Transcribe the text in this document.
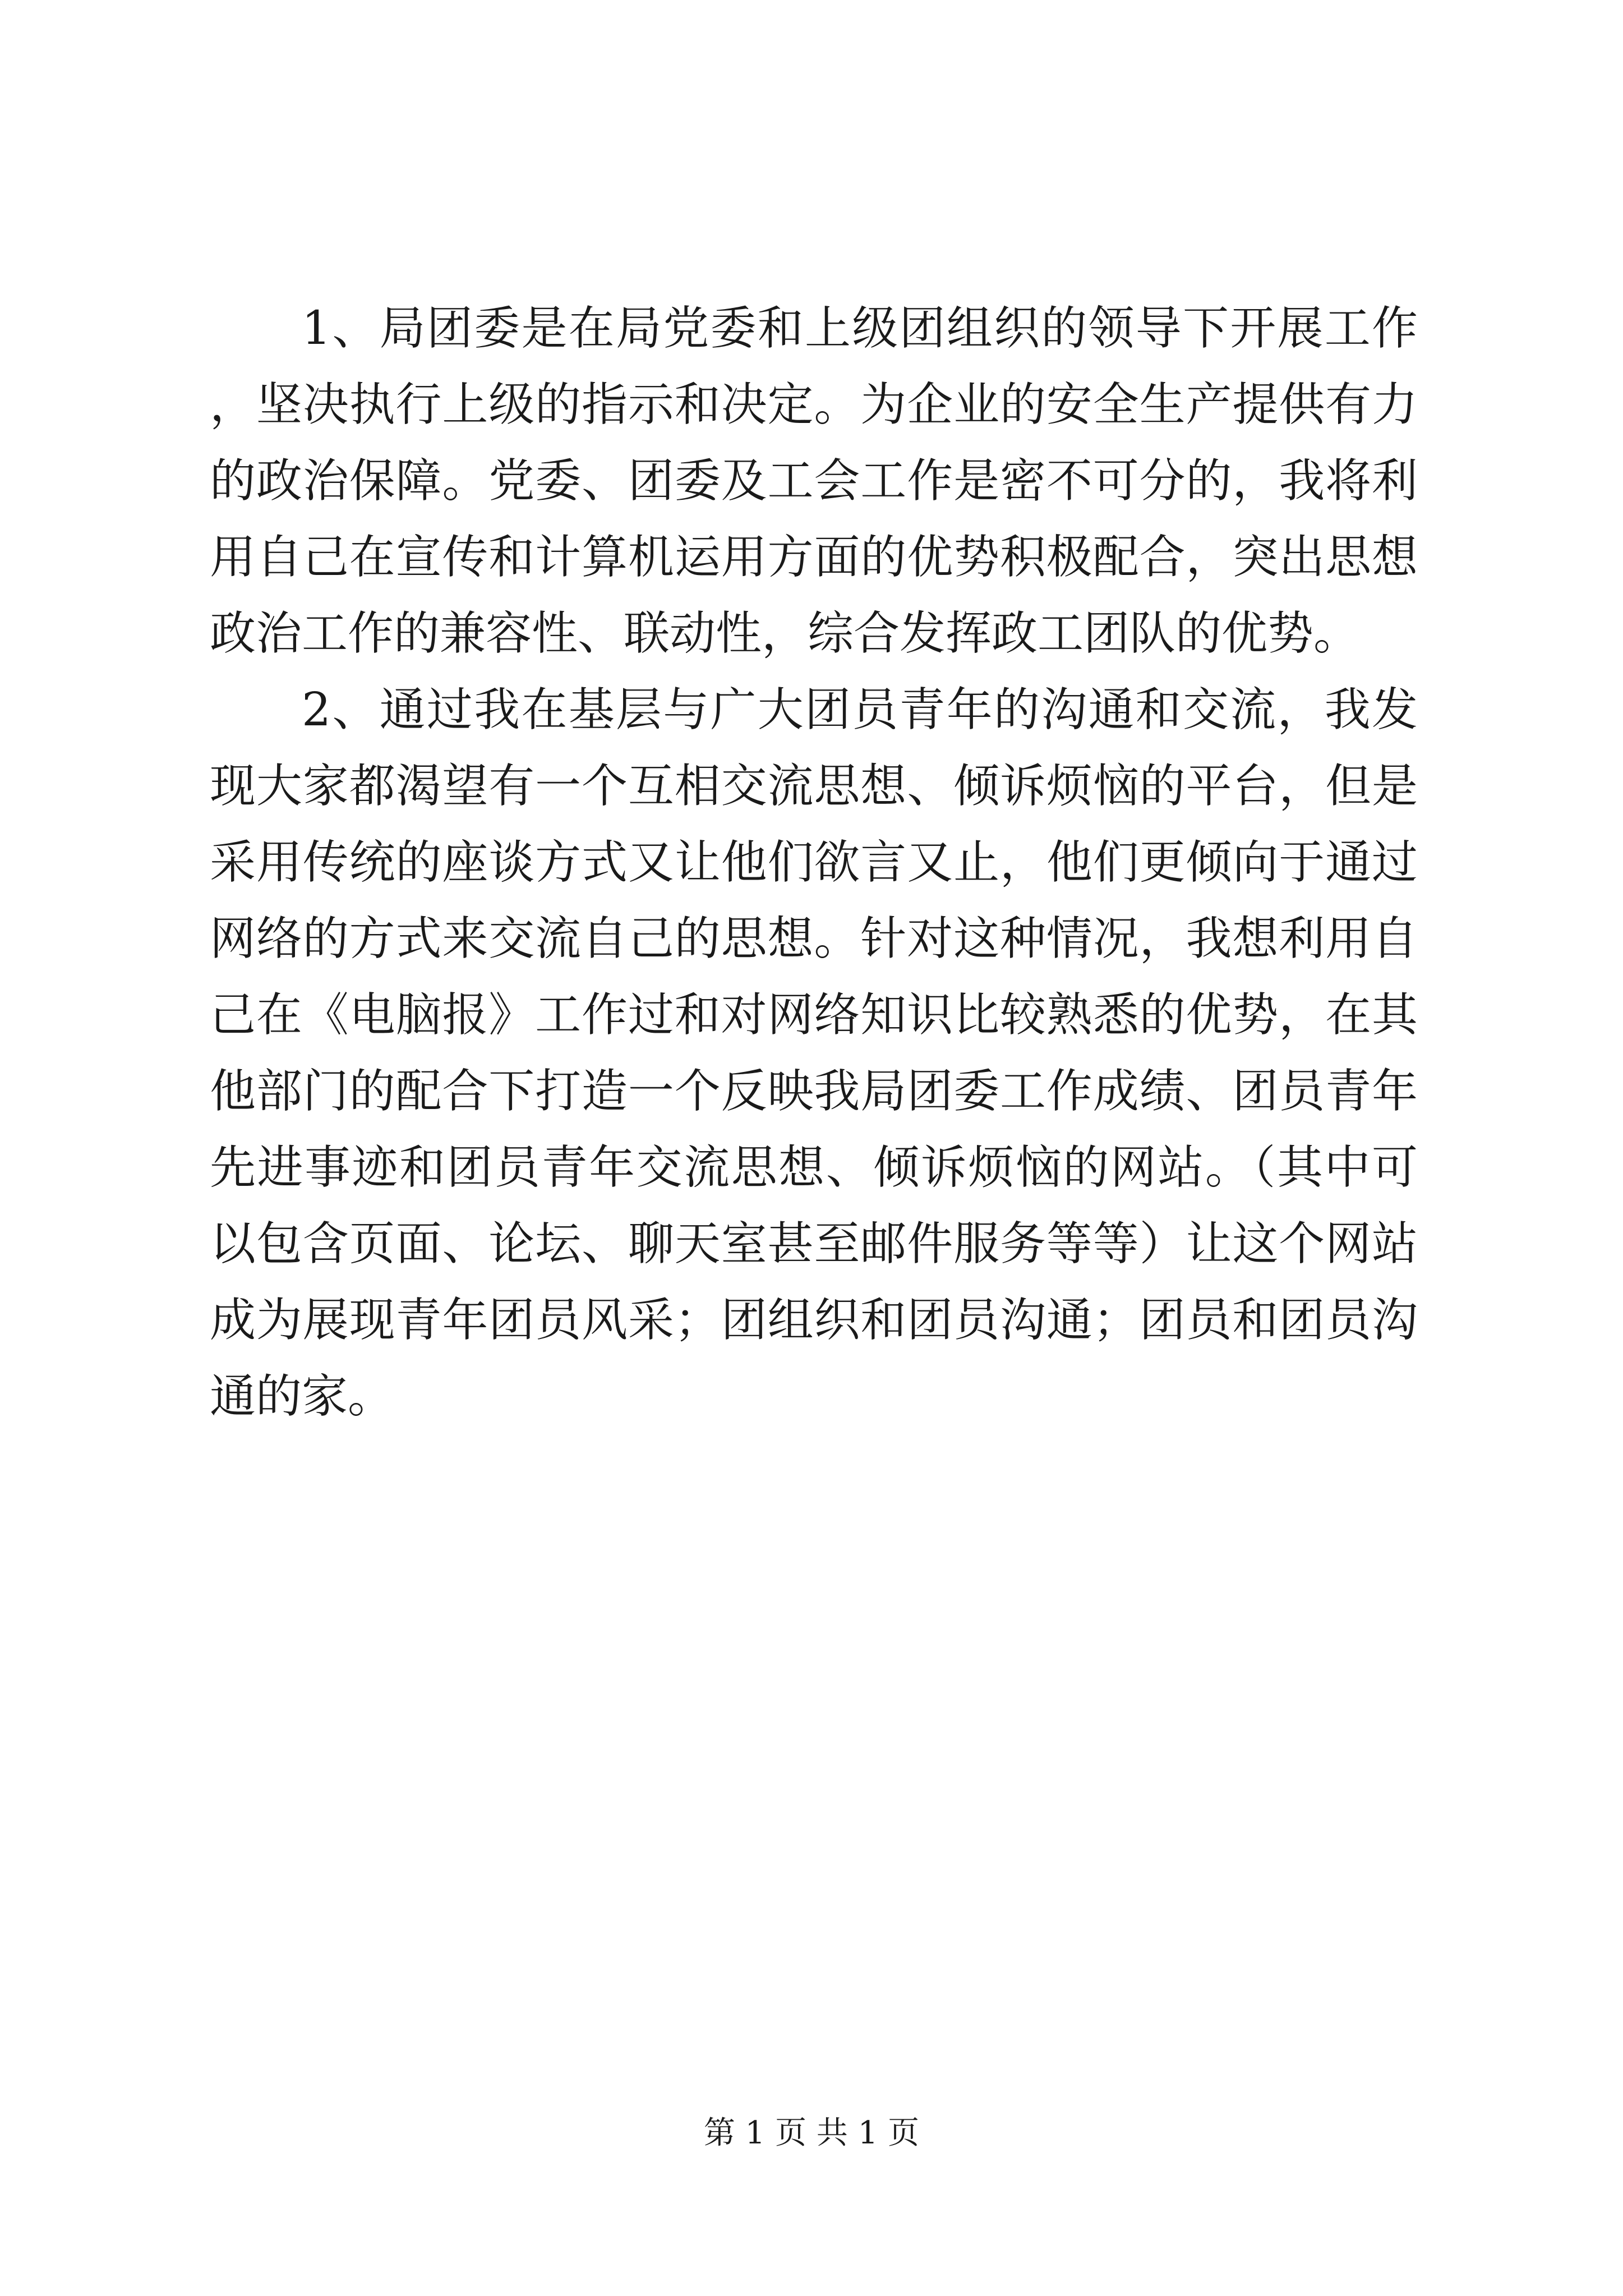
1、局团委是在局党委和上级团组织的领导下开展工作，坚决执行上级的指示和决定。为企业的安全生产提供有力的政治保障。党委、团委及工会工作是密不可分的，我将利用自己在宣传和计算机运用方面的优势积极配合，突出思想政治工作的兼容性、联动性，综合发挥政工团队的优势。

2、通过我在基层与广大团员青年的沟通和交流，我发现大家都渴望有一个互相交流思想、倾诉烦恼的平台，但是采用传统的座谈方式又让他们欲言又止，他们更倾向于通过网络的方式来交流自己的思想。针对这种情况，我想利用自己在《电脑报》工作过和对网络知识比较熟悉的优势，在其他部门的配合下打造一个反映我局团委工作成绩、团员青年先进事迹和团员青年交流思想、倾诉烦恼的网站。（其中可以包含页面、论坛、聊天室甚至邮件服务等等）让这个网站成为展现青年团员风采；团组织和团员沟通；团员和团员沟通的家。

第 1 页 共 1 页
